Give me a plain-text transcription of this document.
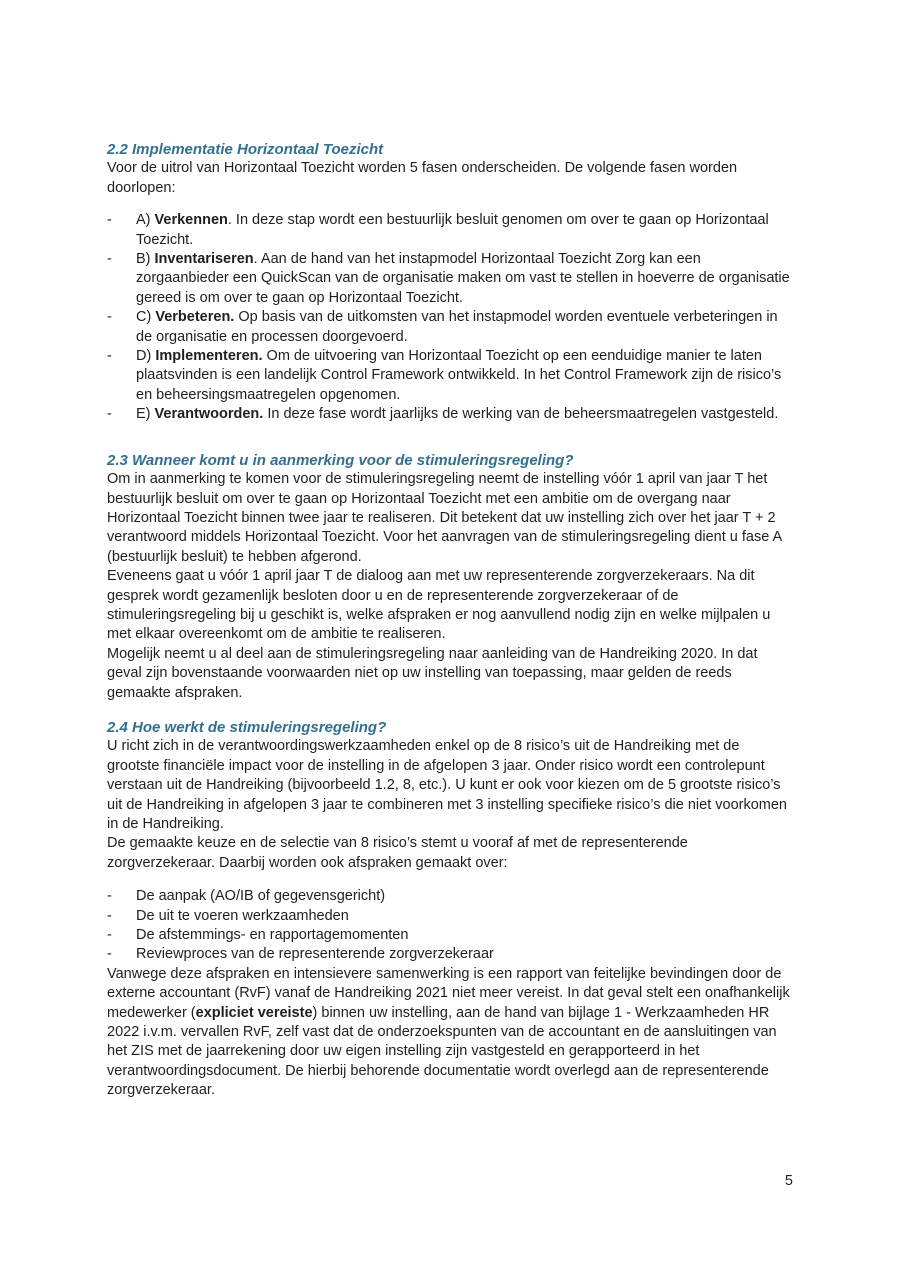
2.2 Implementatie Horizontaal Toezicht

Voor de uitrol van Horizontaal Toezicht worden 5 fasen onderscheiden. De volgende fasen worden doorlopen:

-	A) Verkennen. In deze stap wordt een bestuurlijk besluit genomen om over te gaan op Horizontaal Toezicht.
-	B) Inventariseren. Aan de hand van het instapmodel Horizontaal Toezicht Zorg kan een zorgaanbieder een QuickScan van de organisatie maken om vast te stellen in hoeverre de organisatie gereed is om over te gaan op Horizontaal Toezicht.
-	C) Verbeteren. Op basis van de uitkomsten van het instapmodel worden eventuele verbeteringen in de organisatie en processen doorgevoerd.
-	D) Implementeren. Om de uitvoering van Horizontaal Toezicht op een eenduidige manier te laten plaatsvinden is een landelijk Control Framework ontwikkeld. In het Control Framework zijn de risico’s en beheersingsmaatregelen opgenomen.
-	E) Verantwoorden. In deze fase wordt jaarlijks de werking van de beheersmaatregelen vastgesteld.
2.3 Wanneer komt u in aanmerking voor de stimuleringsregeling?

Om in aanmerking te komen voor de stimuleringsregeling neemt de instelling vóór 1 april van jaar T het bestuurlijk besluit om over te gaan op Horizontaal Toezicht met een ambitie om de overgang naar Horizontaal Toezicht binnen twee jaar te realiseren. Dit betekent dat uw instelling zich over het jaar T + 2 verantwoord middels Horizontaal Toezicht. Voor het aanvragen van de stimuleringsregeling dient u fase A (bestuurlijk besluit) te hebben afgerond.

Eveneens gaat u vóór 1 april jaar T de dialoog aan met uw representerende zorgverzekeraars. Na dit gesprek wordt gezamenlijk besloten door u en de representerende zorgverzekeraar of de stimuleringsregeling bij u geschikt is, welke afspraken er nog aanvullend nodig zijn en welke mijlpalen u met elkaar overeenkomt om de ambitie te realiseren.

Mogelijk neemt u al deel aan de stimuleringsregeling naar aanleiding van de Handreiking 2020. In dat geval zijn bovenstaande voorwaarden niet op uw instelling van toepassing, maar gelden de reeds gemaakte afspraken.

2.4 Hoe werkt de stimuleringsregeling?

U richt zich in de verantwoordingswerkzaamheden enkel op de 8 risico’s uit de Handreiking met de grootste financiële impact voor de instelling in de afgelopen 3 jaar. Onder risico wordt een controlepunt verstaan uit de Handreiking (bijvoorbeeld 1.2, 8, etc.). U kunt er ook voor kiezen om de 5 grootste risico’s uit de Handreiking in afgelopen 3 jaar te combineren met 3 instelling specifieke risico’s die niet voorkomen in de Handreiking.

De gemaakte keuze en de selectie van 8 risico’s stemt u vooraf af met de representerende zorgverzekeraar. Daarbij worden ook afspraken gemaakt over:

-	De aanpak (AO/IB of gegevensgericht)
-	De uit te voeren werkzaamheden
-	De afstemmings- en rapportagemomenten
-	Reviewproces van de representerende zorgverzekeraar

Vanwege deze afspraken en intensievere samenwerking is een rapport van feitelijke bevindingen door de externe accountant (RvF) vanaf de Handreiking 2021 niet meer vereist. In dat geval stelt een onafhankelijk medewerker (expliciet vereiste) binnen uw instelling, aan de hand van bijlage 1 - Werkzaamheden HR 2022 i.v.m. vervallen RvF, zelf vast dat de onderzoekspunten van de accountant en de aansluitingen van het ZIS met de jaarrekening door uw eigen instelling zijn vastgesteld en gerapporteerd in het verantwoordingsdocument. De hierbij behorende documentatie wordt overlegd aan de representerende zorgverzekeraar.

5
